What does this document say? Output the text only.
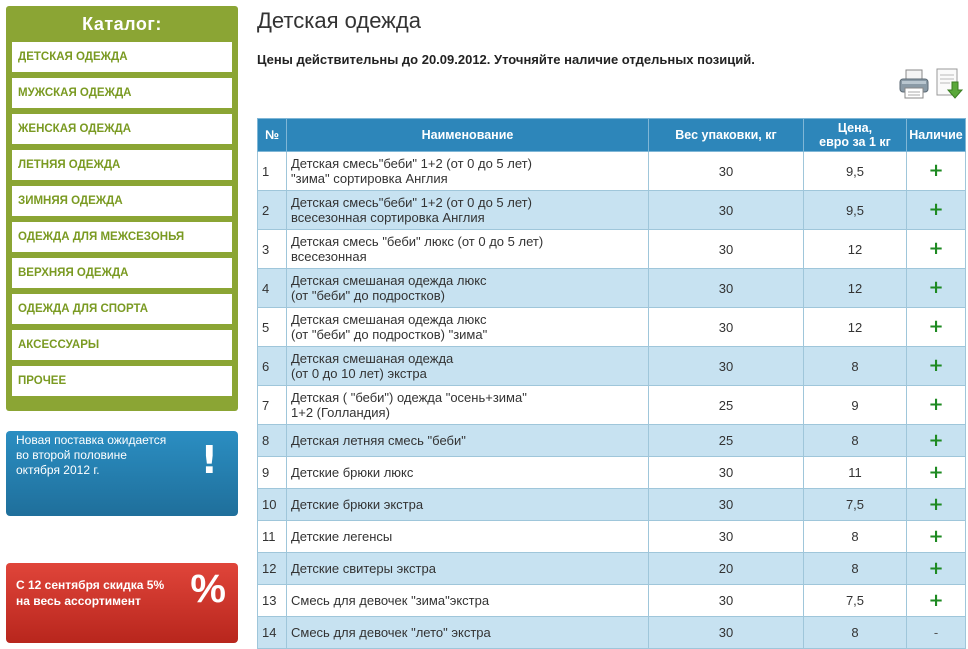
Каталог:
ДЕТСКАЯ ОДЕЖДА
МУЖСКАЯ ОДЕЖДА
ЖЕНСКАЯ ОДЕЖДА
ЛЕТНЯЯ ОДЕЖДА
ЗИМНЯЯ ОДЕЖДА
ОДЕЖДА ДЛЯ МЕЖСЕЗОНЬЯ
ВЕРХНЯЯ ОДЕЖДА
ОДЕЖДА ДЛЯ СПОРТА
АКСЕССУАРЫ
ПРОЧЕЕ
Новая поставка ожидается
во второй половине
октября 2012 г.	!
С 12 сентября скидка 5%
на весь ассортимент	%
Детская одежда
Цены действительны до 20.09.2012. Уточняйте наличие отдельных позиций.
№	Наименование	Вес упаковки, кг	Цена,
евро за 1 кг	Наличие
1	Детская смесь"беби" 1+2 (от 0 до 5 лет)
"зима" сортировка Англия	30	9,5	+
2	Детская смесь"беби" 1+2 (от 0 до 5 лет)
всесезонная сортировка Англия	30	9,5	+
3	Детская смесь "беби" люкс (от 0 до 5 лет)
всесезонная	30	12	+
4	Детская смешаная одежда люкс
(от "беби" до подростков)	30	12	+
5	Детская смешаная одежда люкс
(от "беби" до подростков) "зима"	30	12	+
6	Детская смешаная одежда
(от 0 до 10 лет) экстра	30	8	+
7	Детская ( "беби") одежда "осень+зима"
1+2 (Голландия)	25	9	+
8	Детская летняя смесь "беби"	25	8	+
9	Детские брюки люкс	30	11	+
10	Детские брюки экстра	30	7,5	+
11	Детские легенсы	30	8	+
12	Детские свитеры экстра	20	8	+
13	Смесь для девочек "зима"экстра	30	7,5	+
14	Смесь для девочек "лето" экстра	30	8	-
